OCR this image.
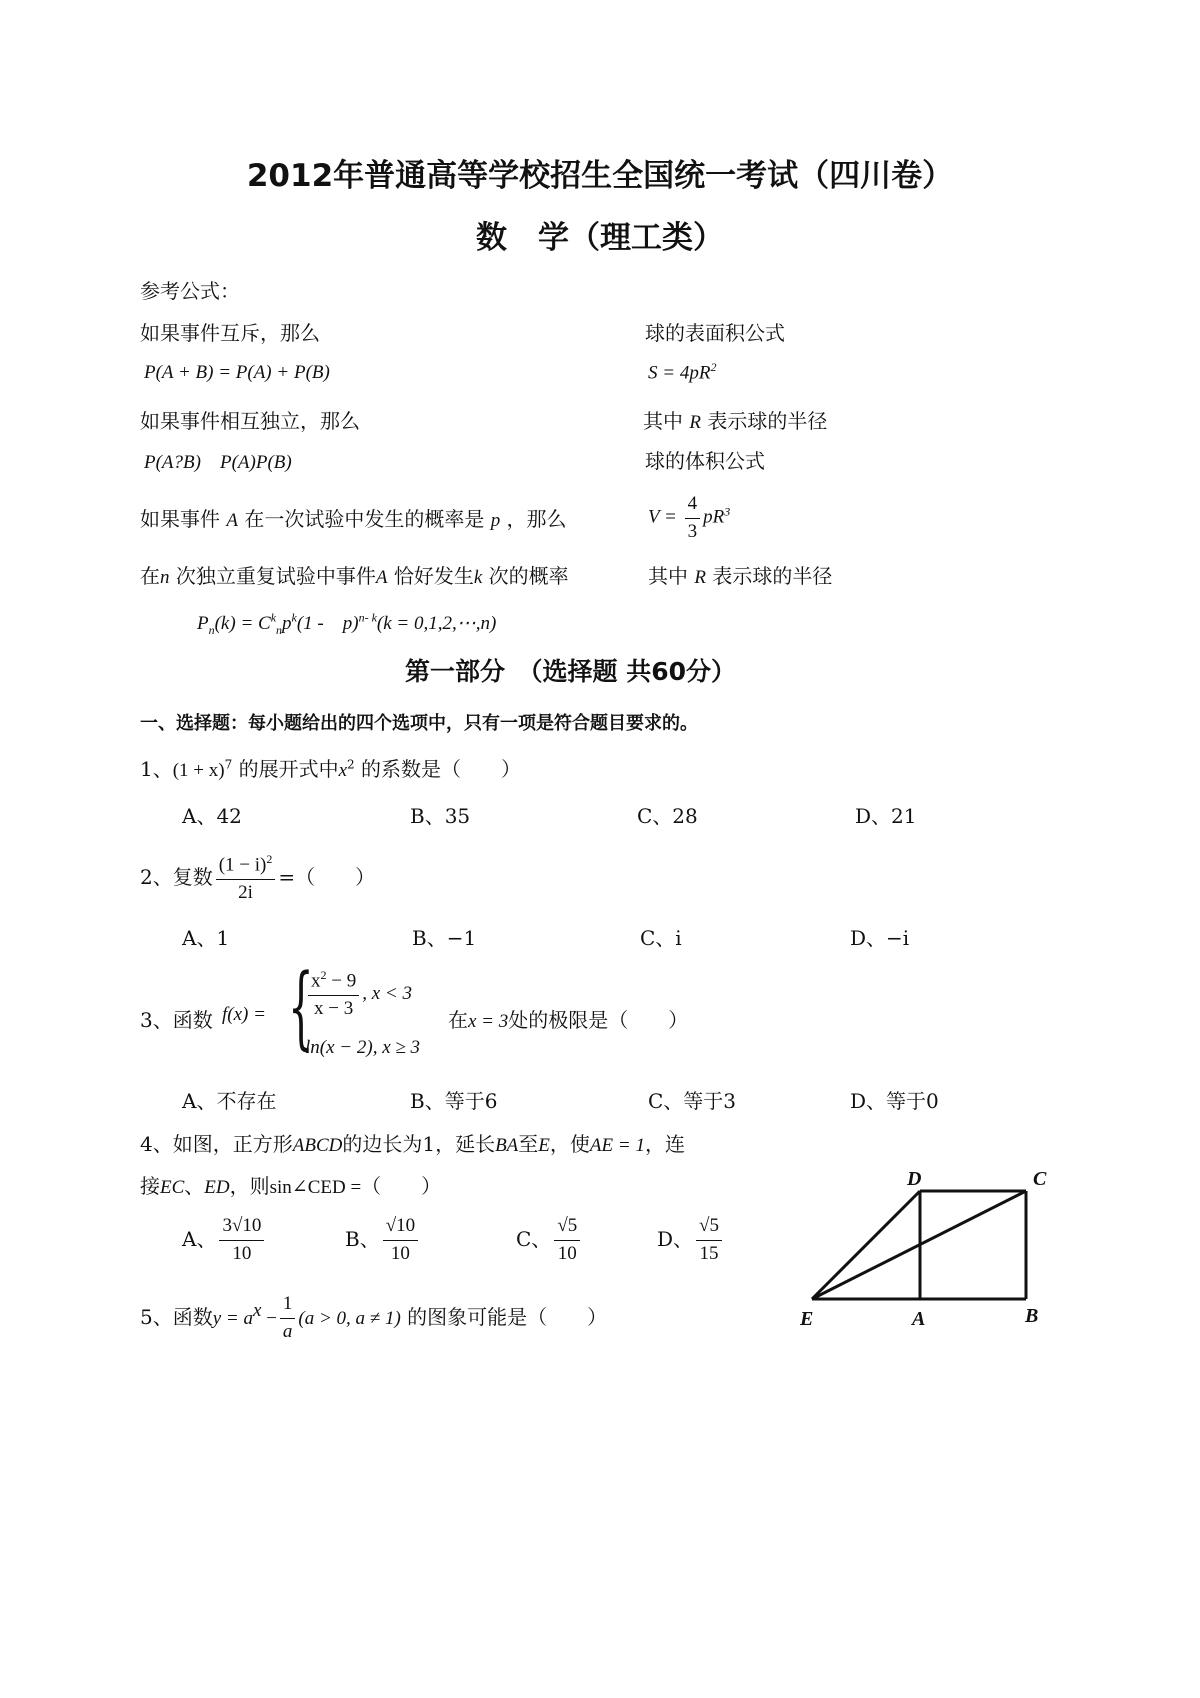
2012年普通高等学校招生全国统一考试（四川卷）
数　学（理工类）
参考公式：
如果事件互斥，那么
P(A + B) = P(A) + P(B)
如果事件相互独立，那么
P(A?B)　P(A)P(B)
如果事件 A 在一次试验中发生的概率是 p ，那么
在n 次独立重复试验中事件A 恰好发生k 次的概率
$P_n(k) = C^k_np^k(1$ -　p)$^{n- k}$(k = 0,1,2,⋯,n)
球的表面积公式
$S = 4pR^2$
其中 R 表示球的半径
球的体积公式
$V = \frac{4}{3} pR^3$
其中 R 表示球的半径
第一部分　（选择题 共60分）
一、选择题：每小题给出的四个选项中，只有一项是符合题目要求的。
1、$(1 + x)^7$ 的展开式中$x^2$ 的系数是（　　）
A、42	B、35	C、28	D、21
2、复数 $\frac{(1 - i)^2}{2i}$ =（　　）
A、1	B、−1	C、i	D、−i
3、函数 f(x) = {
$\frac{x^2 - 9}{x - 3}$ , x < 3
ln(x − 2), x ≥ 3
在x = 3处的极限是（　　）
A、不存在	B、等于6	C、等于3	D、等于0
4、如图，正方形ABCD的边长为1，延长BA至E，使AE = 1，连
接EC、ED，则sin∠CED =（　　）
A、 $\frac{3√10}{10}$	B、 $\frac{√10}{10}$	C、 $\frac{√5}{10}$	D、 $\frac{√5}{15}$
D	C
E	A	B
5、函数$y = a^x - \frac{1}{a} (a > 0$, a ≠ 1) 的图象可能是（　　）
